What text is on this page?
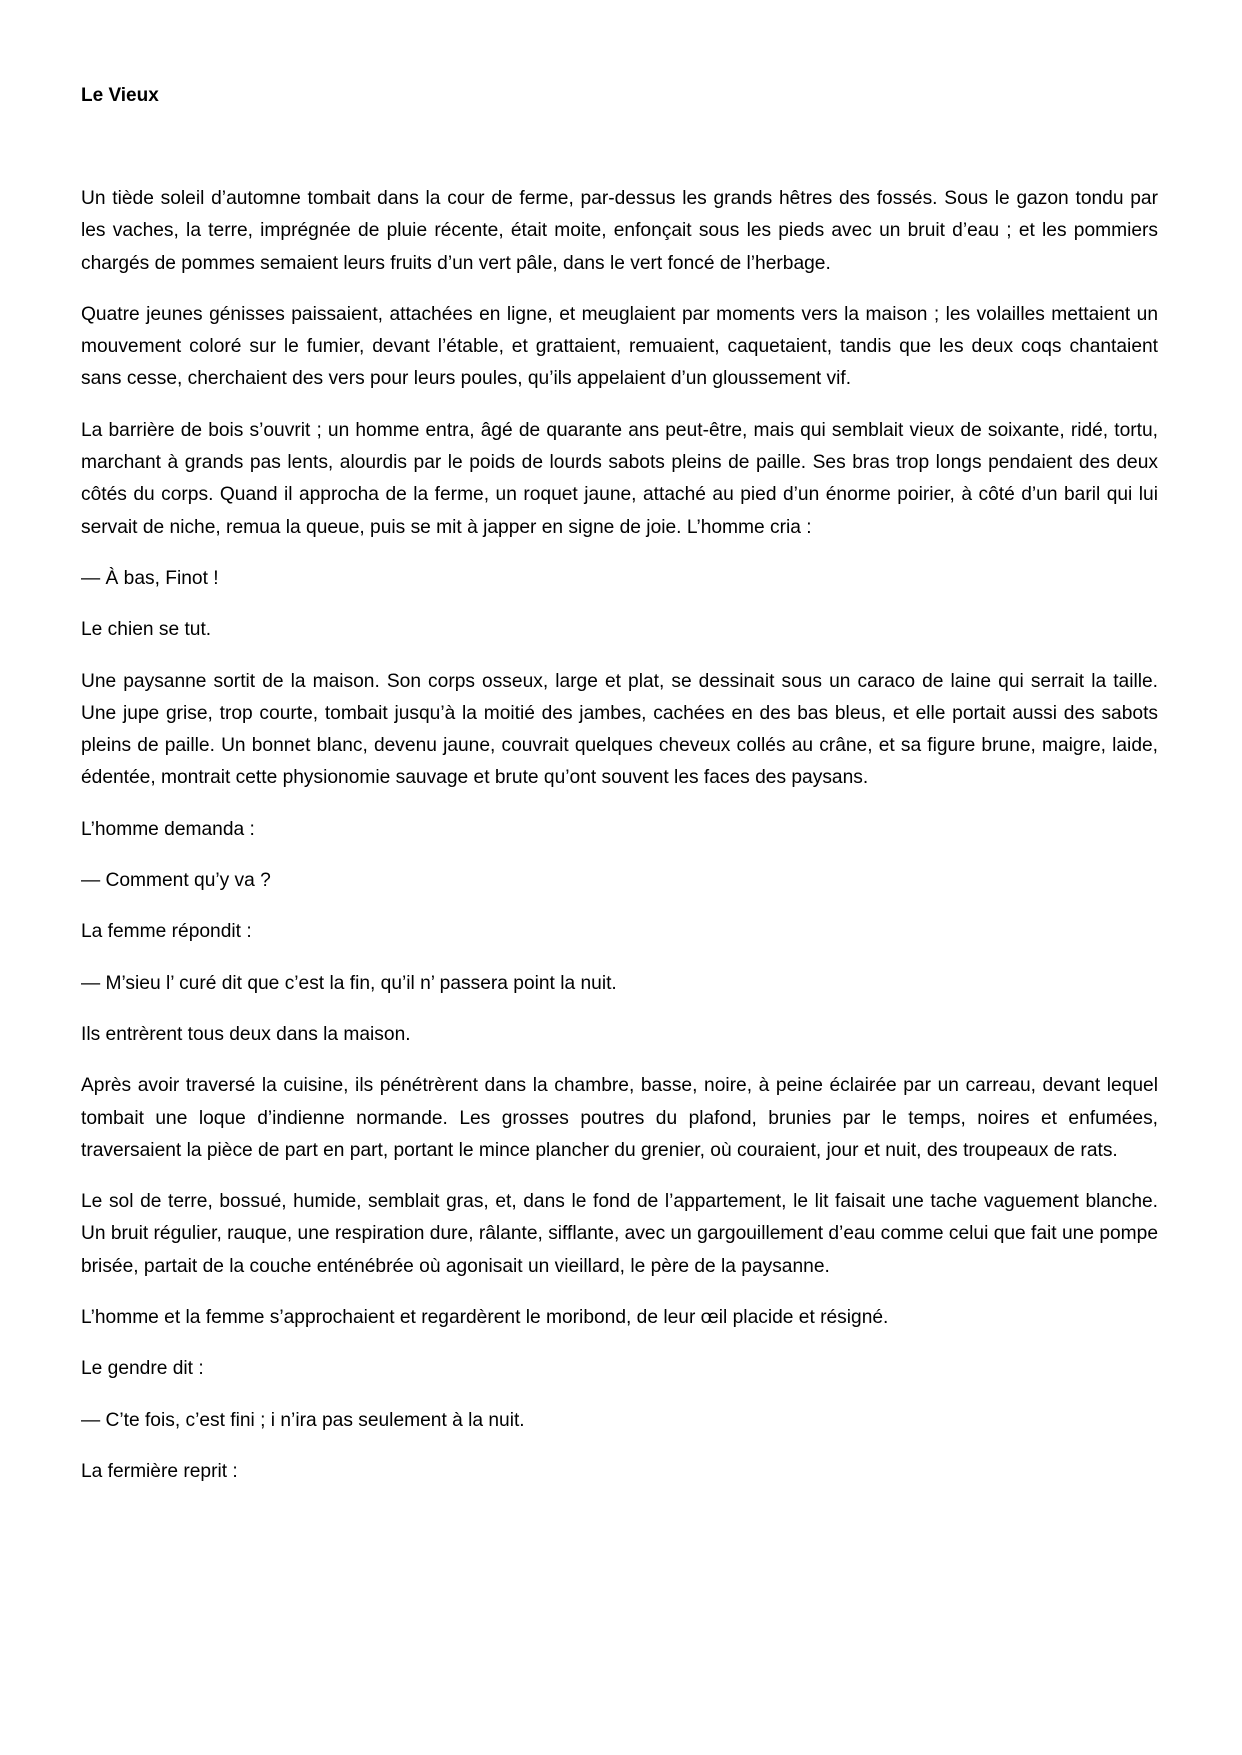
Le Vieux

Un tiède soleil d’automne tombait dans la cour de ferme, par-dessus les grands hêtres des fossés. Sous le gazon tondu par les vaches, la terre, imprégnée de pluie récente, était moite, enfonçait sous les pieds avec un bruit d’eau ; et les pommiers chargés de pommes semaient leurs fruits d’un vert pâle, dans le vert foncé de l’herbage.

Quatre jeunes génisses paissaient, attachées en ligne, et meuglaient par moments vers la maison ; les volailles mettaient un mouvement coloré sur le fumier, devant l’étable, et grattaient, remuaient, caquetaient, tandis que les deux coqs chantaient sans cesse, cherchaient des vers pour leurs poules, qu’ils appelaient d’un gloussement vif.

La barrière de bois s’ouvrit ; un homme entra, âgé de quarante ans peut-être, mais qui semblait vieux de soixante, ridé, tortu, marchant à grands pas lents, alourdis par le poids de lourds sabots pleins de paille. Ses bras trop longs pendaient des deux côtés du corps. Quand il approcha de la ferme, un roquet jaune, attaché au pied d’un énorme poirier, à côté d’un baril qui lui servait de niche, remua la queue, puis se mit à japper en signe de joie. L’homme cria :

— À bas, Finot !

Le chien se tut.

Une paysanne sortit de la maison. Son corps osseux, large et plat, se dessinait sous un caraco de laine qui serrait la taille. Une jupe grise, trop courte, tombait jusqu’à la moitié des jambes, cachées en des bas bleus, et elle portait aussi des sabots pleins de paille. Un bonnet blanc, devenu jaune, couvrait quelques cheveux collés au crâne, et sa figure brune, maigre, laide, édentée, montrait cette physionomie sauvage et brute qu’ont souvent les faces des paysans.

L’homme demanda :

— Comment qu’y va ?

La femme répondit :

— M’sieu l’ curé dit que c’est la fin, qu’il n’ passera point la nuit.

Ils entrèrent tous deux dans la maison.

Après avoir traversé la cuisine, ils pénétrèrent dans la chambre, basse, noire, à peine éclairée par un carreau, devant lequel tombait une loque d’indienne normande. Les grosses poutres du plafond, brunies par le temps, noires et enfumées, traversaient la pièce de part en part, portant le mince plancher du grenier, où couraient, jour et nuit, des troupeaux de rats.

Le sol de terre, bossué, humide, semblait gras, et, dans le fond de l’appartement, le lit faisait une tache vaguement blanche. Un bruit régulier, rauque, une respiration dure, râlante, sifflante, avec un gargouillement d’eau comme celui que fait une pompe brisée, partait de la couche enténébrée où agonisait un vieillard, le père de la paysanne.

L’homme et la femme s’approchaient et regardèrent le moribond, de leur œil placide et résigné.

Le gendre dit :

— C’te fois, c’est fini ; i n’ira pas seulement à la nuit.

La fermière reprit :
